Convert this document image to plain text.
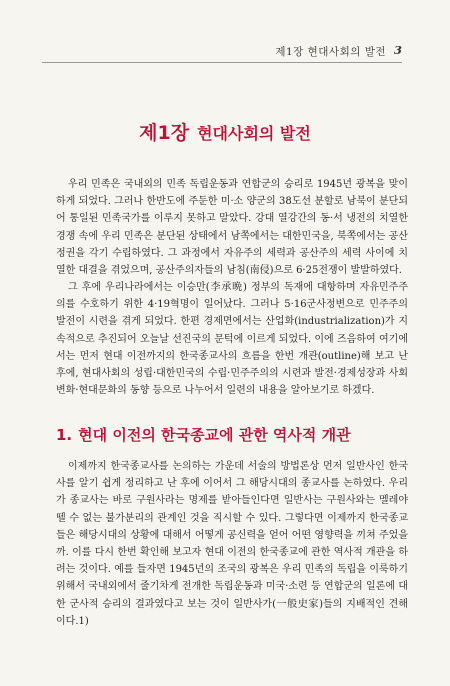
제1장 현대사회의 발전 3
제1장 현대사회의 발전

우리 민족은 국내외의 민족 독립운동과 연합군의 승리로 1945년 광복을 맞이하게 되었다. 그러나 한반도에 주둔한 미·소 양군의 38도선 분할로 남북이 분단되어 통일된 민족국가를 이루지 못하고 말았다. 강대 열강간의 동·서 냉전의 치열한 경쟁 속에 우리 민족은 분단된 상태에서 남쪽에서는 대한민국을, 북쪽에서는 공산정권을 각기 수립하였다. 그 과정에서 자유주의 세력과 공산주의 세력 사이에 치열한 대결을 겪었으며, 공산주의자들의 남침(南侵)으로 6·25전쟁이 발발하였다.

그 후에 우리나라에서는 이승만(李承晩) 정부의 독재에 대항하며 자유민주주의를 수호하기 위한 4·19혁명이 일어났다. 그러나 5·16군사정변으로 민주주의 발전이 시련을 겪게 되었다. 한편 경제면에서는 산업화(industrialization)가 지속적으로 추진되어 오늘날 선진국의 문턱에 이르게 되었다. 이에 즈음하여 여기에서는 먼저 현대 이전까지의 한국종교사의 흐름을 한번 개관(outline)해 보고 난 후에, 현대사회의 성립·대한민국의 수립·민주주의의 시련과 발전·경제성장과 사회변화·현대문화의 동향 등으로 나누어서 일련의 내용을 알아보기로 하겠다.

1. 현대 이전의 한국종교에 관한 역사적 개관

이제까지 한국종교사를 논의하는 가운데 서술의 방법론상 먼저 일반사인 한국사를 알기 쉽게 정리하고 난 후에 이어서 그 해당시대의 종교사를 논하였다. 우리가 종교사는 바로 구원사라는 명제를 받아들인다면 일반사는 구원사와는 멜레야 뗄 수 없는 불가분리의 관계인 것을 직시할 수 있다. 그렇다면 이제까지 한국종교들은 해당시대의 상황에 대해서 어떻게 공신력을 얻어 어떤 영향력을 끼쳐 주었을까. 이를 다시 한번 확인해 보고자 현대 이전의 한국종교에 관한 역사적 개관을 하려는 것이다. 예를 들자면 1945년의 조국의 광복은 우리 민족의 독립을 이룩하기 위해서 국내외에서 줄기차게 전개한 독립운동과 미국·소련 등 연합군의 일론에 대한 군사적 승리의 결과였다고 보는 것이 일반사가(一般史家)들의 지배적인 견해이다.1)
